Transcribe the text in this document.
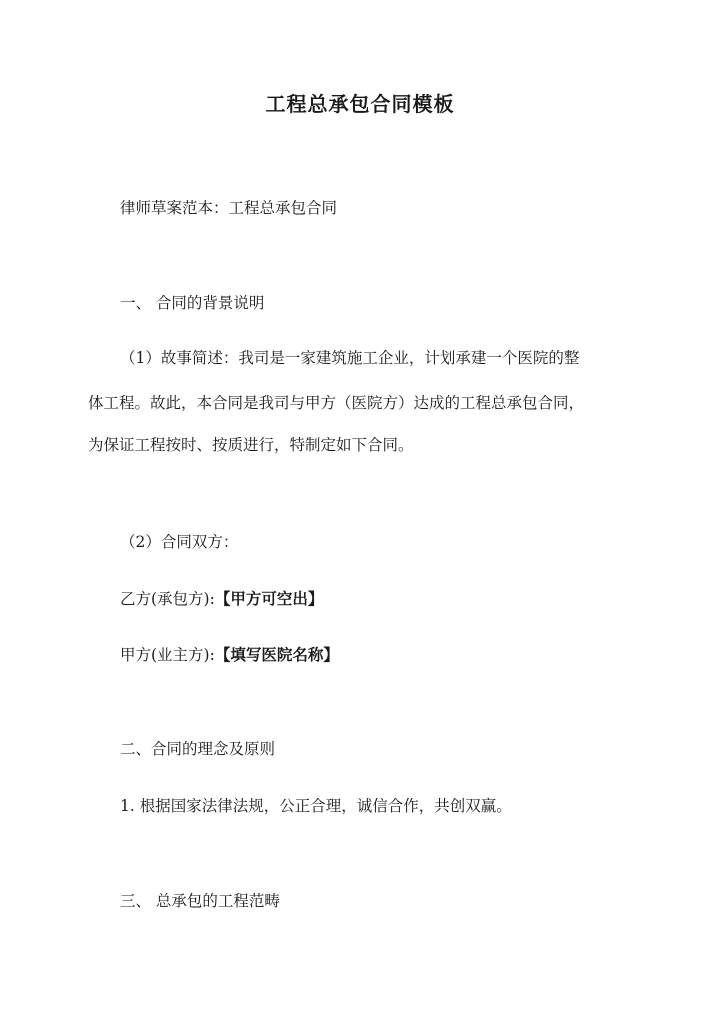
工程总承包合同模板
律师草案范本：工程总承包合同
一、 合同的背景说明
（1）故事简述：我司是一家建筑施工企业，计划承建一个医院的整
体工程。故此，本合同是我司与甲方（医院方）达成的工程总承包合同，
为保证工程按时、按质进行，特制定如下合同。
（2）合同双方：
乙方(承包方):【甲方可空出】
甲方(业主方):【填写医院名称】
二、合同的理念及原则
1. 根据国家法律法规，公正合理，诚信合作，共创双赢。
三、 总承包的工程范畴
